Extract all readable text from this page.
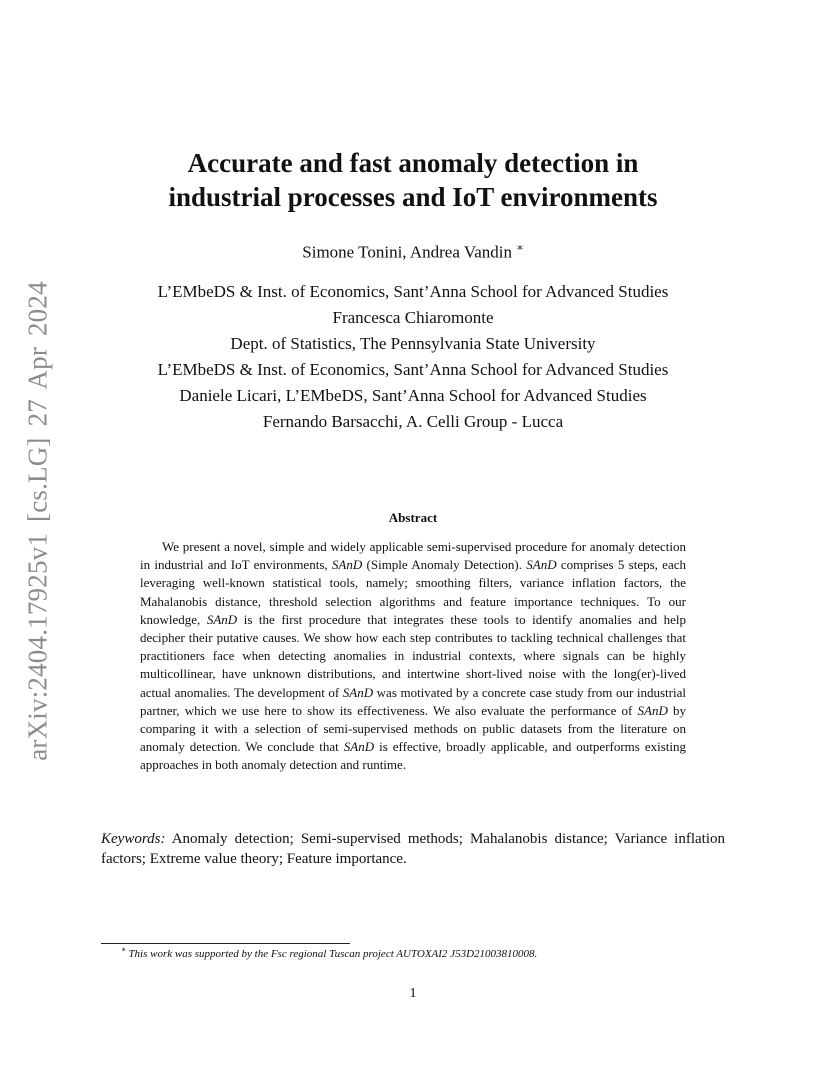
arXiv:2404.17925v1 [cs.LG] 27 Apr 2024
Accurate and fast anomaly detection in
industrial processes and IoT environments
Simone Tonini, Andrea Vandin ∗
L’EMbeDS & Inst. of Economics, Sant’Anna School for Advanced Studies
Francesca Chiaromonte
Dept. of Statistics, The Pennsylvania State University
L’EMbeDS & Inst. of Economics, Sant’Anna School for Advanced Studies
Daniele Licari, L’EMbeDS, Sant’Anna School for Advanced Studies
Fernando Barsacchi, A. Celli Group - Lucca
Abstract
We present a novel, simple and widely applicable semi-supervised procedure for anomaly detection in industrial and IoT environments, SAnD (Simple Anomaly Detection). SAnD comprises 5 steps, each leveraging well-known statistical tools, namely; smoothing filters, variance inflation factors, the Mahalanobis distance, threshold selection algorithms and feature importance techniques. To our knowledge, SAnD is the first procedure that integrates these tools to identify anomalies and help decipher their putative causes. We show how each step contributes to tackling technical challenges that practitioners face when detecting anomalies in industrial contexts, where signals can be highly multicollinear, have unknown distributions, and intertwine short-lived noise with the long(er)-lived actual anomalies. The development of SAnD was motivated by a concrete case study from our industrial partner, which we use here to show its effectiveness. We also evaluate the performance of SAnD by comparing it with a selection of semi-supervised methods on public datasets from the literature on anomaly detection. We conclude that SAnD is effective, broadly applicable, and outperforms existing approaches in both anomaly detection and runtime.
Keywords: Anomaly detection; Semi-supervised methods; Mahalanobis distance; Variance inflation factors; Extreme value theory; Feature importance.
∗ This work was supported by the Fsc regional Tuscan project AUTOXAI2 J53D21003810008.
1
